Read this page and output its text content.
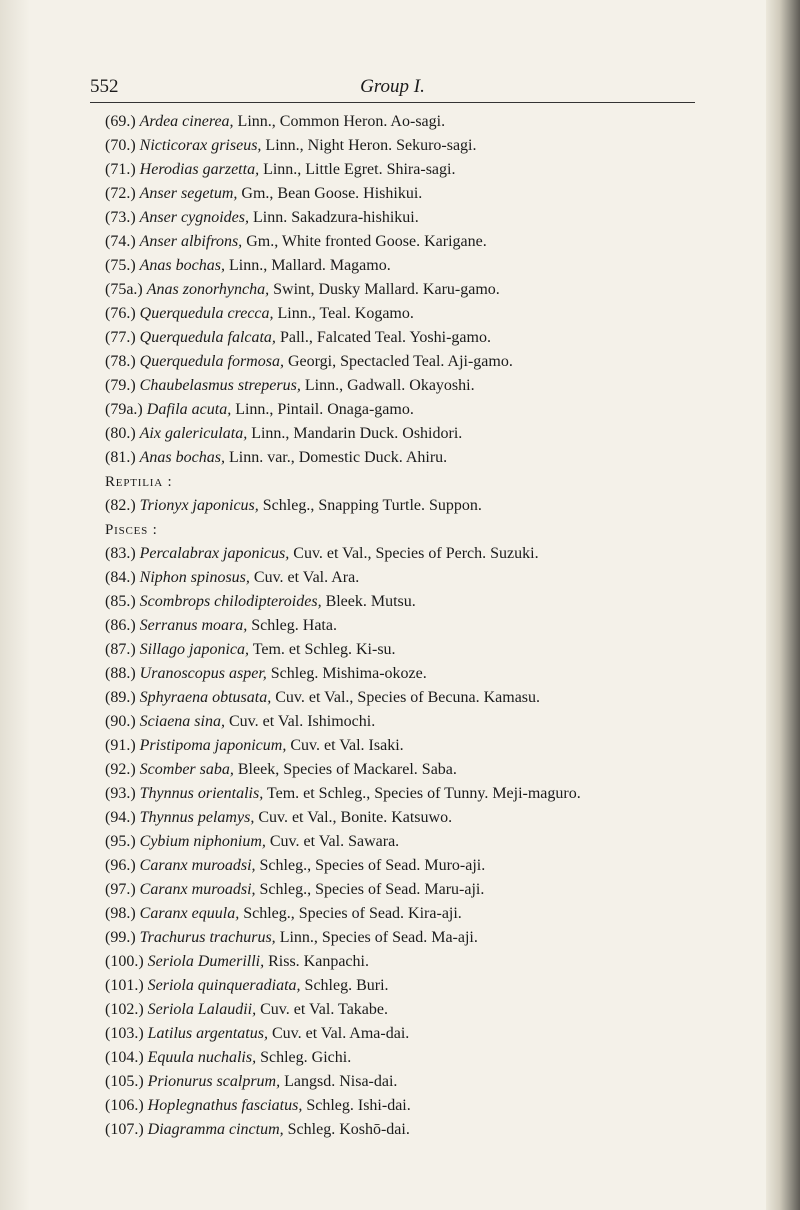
552	Group I.
(69.) Ardea cinerea, Linn., Common Heron. Ao-sagi.
(70.) Nicticorax griseus, Linn., Night Heron. Sekuro-sagi.
(71.) Herodias garzetta, Linn., Little Egret. Shira-sagi.
(72.) Anser segetum, Gm., Bean Goose. Hishikui.
(73.) Anser cygnoides, Linn. Sakadzura-hishikui.
(74.) Anser albifrons, Gm., White fronted Goose. Karigane.
(75.) Anas bochas, Linn., Mallard. Magamo.
(75a.) Anas zonorhyncha, Swint, Dusky Mallard. Karu-gamo.
(76.) Querquedula crecca, Linn., Teal. Kogamo.
(77.) Querquedula falcata, Pall., Falcated Teal. Yoshi-gamo.
(78.) Querquedula formosa, Georgi, Spectacled Teal. Aji-gamo.
(79.) Chaubelasmus streperus, Linn., Gadwall. Okayoshi.
(79a.) Dafila acuta, Linn., Pintail. Onaga-gamo.
(80.) Aix galericulata, Linn., Mandarin Duck. Oshidori.
(81.) Anas bochas, Linn. var., Domestic Duck. Ahiru.
Reptilia :
(82.) Trionyx japonicus, Schleg., Snapping Turtle. Suppon.
Pisces :
(83.) Percalabrax japonicus, Cuv. et Val., Species of Perch. Suzuki.
(84.) Niphon spinosus, Cuv. et Val. Ara.
(85.) Scombrops chilodipteroides, Bleek. Mutsu.
(86.) Serranus moara, Schleg. Hata.
(87.) Sillago japonica, Tem. et Schleg. Ki-su.
(88.) Uranoscopus asper, Schleg. Mishima-okoze.
(89.) Sphyraena obtusata, Cuv. et Val., Species of Becuna. Kamasu.
(90.) Sciaena sina, Cuv. et Val. Ishimochi.
(91.) Pristipoma japonicum, Cuv. et Val. Isaki.
(92.) Scomber saba, Bleek, Species of Mackarel. Saba.
(93.) Thynnus orientalis, Tem. et Schleg., Species of Tunny. Meji-maguro.
(94.) Thynnus pelamys, Cuv. et Val., Bonite. Katsuwo.
(95.) Cybium niphonium, Cuv. et Val. Sawara.
(96.) Caranx muroadsi, Schleg., Species of Sead. Muro-aji.
(97.) Caranx muroadsi, Schleg., Species of Sead. Maru-aji.
(98.) Caranx equula, Schleg., Species of Sead. Kira-aji.
(99.) Trachurus trachurus, Linn., Species of Sead. Ma-aji.
(100.) Seriola Dumerilli, Riss. Kanpachi.
(101.) Seriola quinqueradiata, Schleg. Buri.
(102.) Seriola Lalaudii, Cuv. et Val. Takabe.
(103.) Latilus argentatus, Cuv. et Val. Ama-dai.
(104.) Equula nuchalis, Schleg. Gichi.
(105.) Prionurus scalprum, Langsd. Nisa-dai.
(106.) Hoplegnathus fasciatus, Schleg. Ishi-dai.
(107.) Diagramma cinctum, Schleg. Koshō-dai.
